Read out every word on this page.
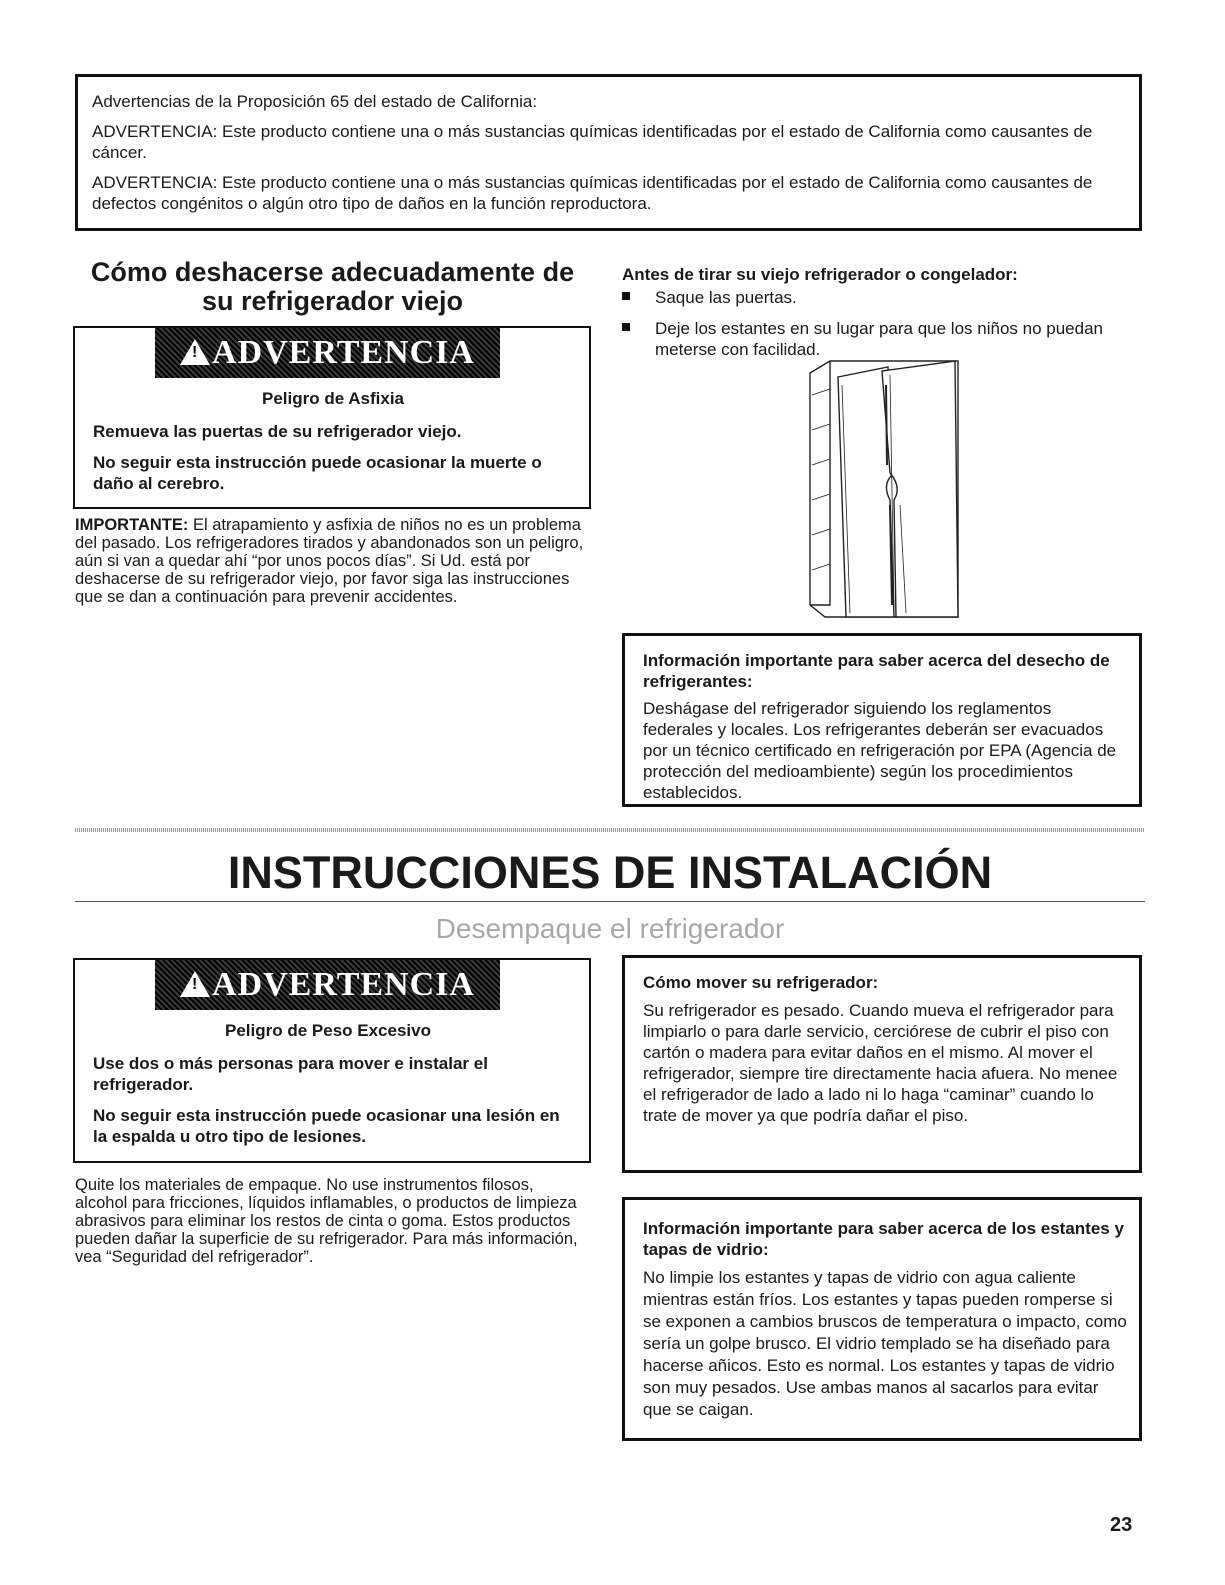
Advertencias de la Proposición 65 del estado de California:

ADVERTENCIA: Este producto contiene una o más sustancias químicas identificadas por el estado de California como causantes de cáncer.

ADVERTENCIA: Este producto contiene una o más sustancias químicas identificadas por el estado de California como causantes de defectos congénitos o algún otro tipo de daños en la función reproductora.

Cómo deshacerse adecuadamente de su refrigerador viejo

!ADVERTENCIA

Peligro de Asfixia

Remueva las puertas de su refrigerador viejo.

No seguir esta instrucción puede ocasionar la muerte o daño al cerebro.

IMPORTANTE: El atrapamiento y asfixia de niños no es un problema del pasado. Los refrigeradores tirados y abandonados son un peligro, aún si van a quedar ahí “por unos pocos días”. Si Ud. está por deshacerse de su refrigerador viejo, por favor siga las instrucciones que se dan a continuación para prevenir accidentes.

Antes de tirar su viejo refrigerador o congelador:

Saque las puertas.

Deje los estantes en su lugar para que los niños no puedan meterse con facilidad.

Información importante para saber acerca del desecho de refrigerantes:

Deshágase del refrigerador siguiendo los reglamentos federales y locales. Los refrigerantes deberán ser evacuados por un técnico certificado en refrigeración por EPA (Agencia de protección del medioambiente) según los procedimientos establecidos.

INSTRUCCIONES DE INSTALACIÓN

Desempaque el refrigerador

!ADVERTENCIA

Peligro de Peso Excesivo

Use dos o más personas para mover e instalar el refrigerador.

No seguir esta instrucción puede ocasionar una lesión en la espalda u otro tipo de lesiones.

Quite los materiales de empaque. No use instrumentos filosos, alcohol para fricciones, líquidos inflamables, o productos de limpieza abrasivos para eliminar los restos de cinta o goma. Estos productos pueden dañar la superficie de su refrigerador. Para más información, vea “Seguridad del refrigerador”.

Cómo mover su refrigerador:

Su refrigerador es pesado. Cuando mueva el refrigerador para limpiarlo o para darle servicio, cerciórese de cubrir el piso con cartón o madera para evitar daños en el mismo. Al mover el refrigerador, siempre tire directamente hacia afuera. No menee el refrigerador de lado a lado ni lo haga “caminar” cuando lo trate de mover ya que podría dañar el piso.

Información importante para saber acerca de los estantes y tapas de vidrio:

No limpie los estantes y tapas de vidrio con agua caliente mientras están fríos. Los estantes y tapas pueden romperse si se exponen a cambios bruscos de temperatura o impacto, como sería un golpe brusco. El vidrio templado se ha diseñado para hacerse añicos. Esto es normal. Los estantes y tapas de vidrio son muy pesados. Use ambas manos al sacarlos para evitar que se caigan.

23
